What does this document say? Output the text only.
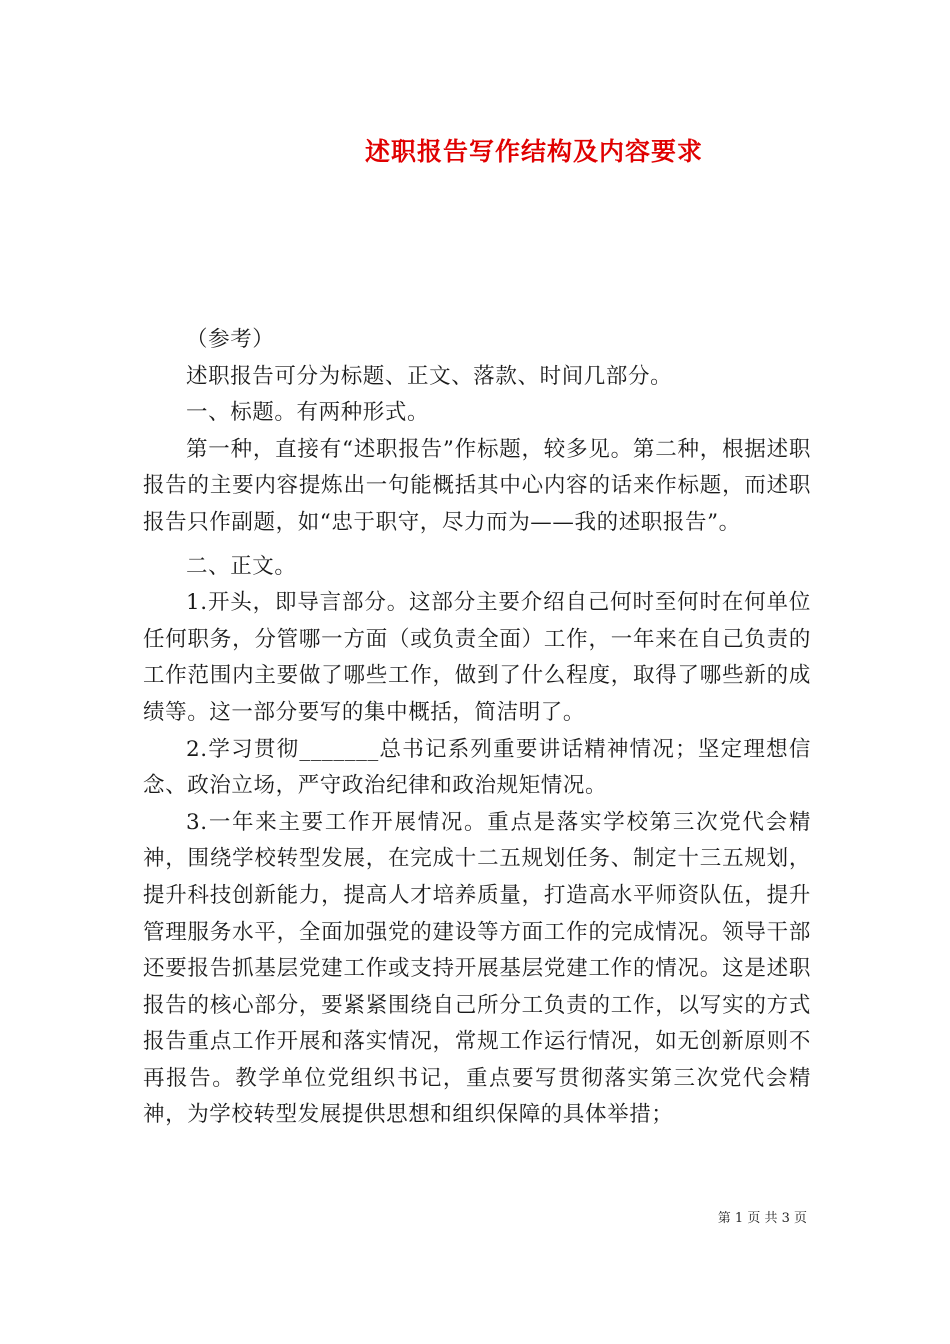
述职报告写作结构及内容要求

（参考）

述职报告可分为标题、正文、落款、时间几部分。

一、标题。有两种形式。

第一种，直接有“述职报告”作标题，较多见。第二种，根据述职报告的主要内容提炼出一句能概括其中心内容的话来作标题，而述职报告只作副题，如“忠于职守，尽力而为——我的述职报告”。

二、正文。

1.开头，即导言部分。这部分主要介绍自己何时至何时在何单位任何职务，分管哪一方面（或负责全面）工作，一年来在自己负责的工作范围内主要做了哪些工作，做到了什么程度，取得了哪些新的成绩等。这一部分要写的集中概括，简洁明了。

2.学习贯彻_______总书记系列重要讲话精神情况；坚定理想信念、政治立场，严守政治纪律和政治规矩情况。

3.一年来主要工作开展情况。重点是落实学校第三次党代会精神，围绕学校转型发展，在完成十二五规划任务、制定十三五规划，提升科技创新能力，提高人才培养质量，打造高水平师资队伍，提升管理服务水平，全面加强党的建设等方面工作的完成情况。领导干部还要报告抓基层党建工作或支持开展基层党建工作的情况。这是述职报告的核心部分，要紧紧围绕自己所分工负责的工作，以写实的方式报告重点工作开展和落实情况，常规工作运行情况，如无创新原则不再报告。教学单位党组织书记，重点要写贯彻落实第三次党代会精神，为学校转型发展提供思想和组织保障的具体举措；

第 1 页 共 3 页
